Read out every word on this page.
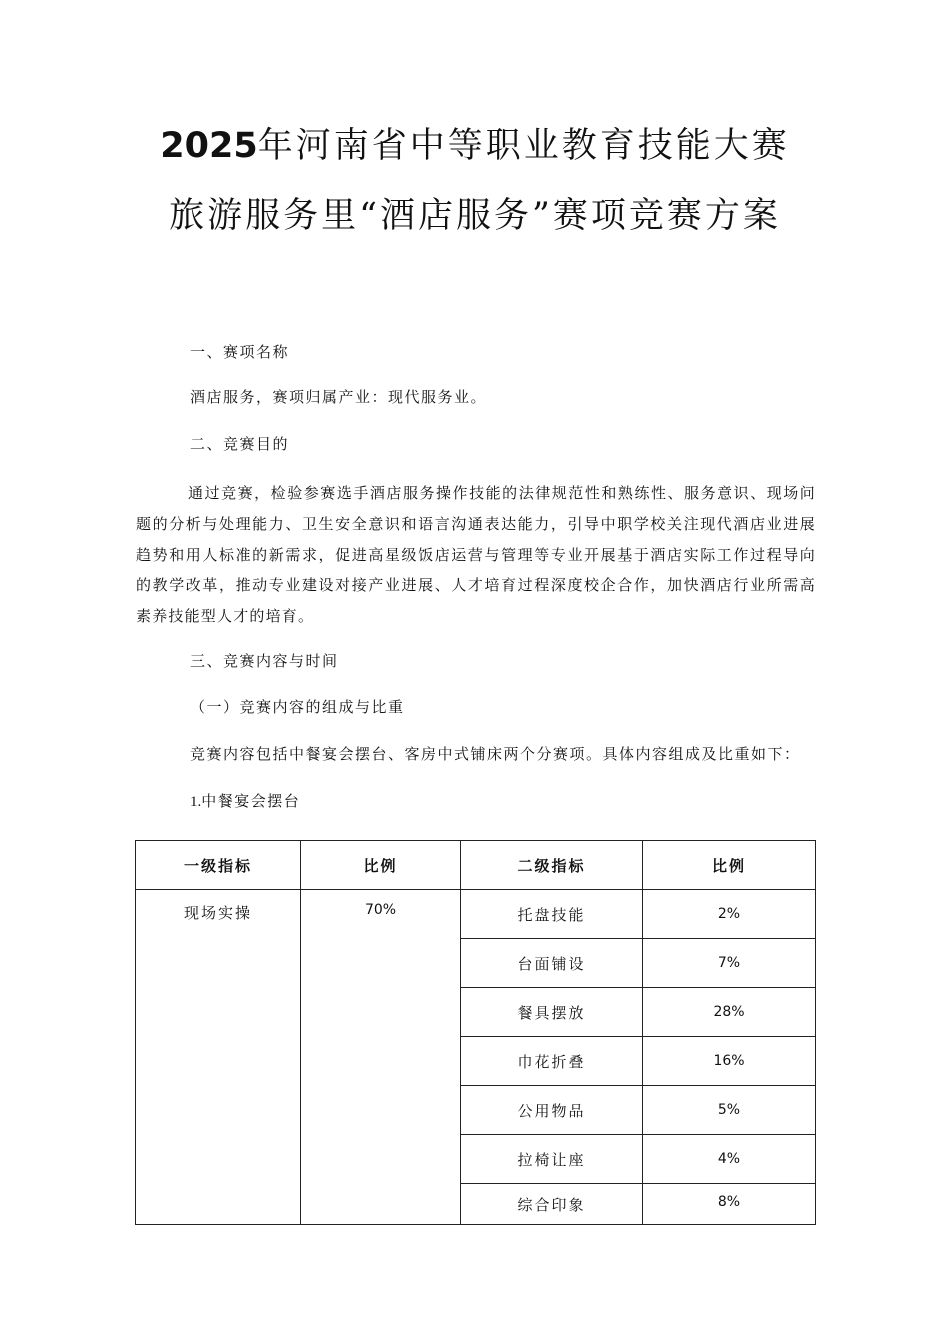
2025年河南省中等职业教育技能大赛
旅游服务里“酒店服务”赛项竞赛方案
一、赛项名称
酒店服务，赛项归属产业：现代服务业。
二、竞赛目的
通过竞赛，检验参赛选手酒店服务操作技能的法律规范性和熟练性、服务意识、现场问题的分析与处理能力、卫生安全意识和语言沟通表达能力，引导中职学校关注现代酒店业进展趋势和用人标准的新需求，促进高星级饭店运营与管理等专业开展基于酒店实际工作过程导向的教学改革，推动专业建设对接产业进展、人才培育过程深度校企合作，加快酒店行业所需高素养技能型人才的培育。
三、竞赛内容与时间
（一）竞赛内容的组成与比重
竞赛内容包括中餐宴会摆台、客房中式铺床两个分赛项。具体内容组成及比重如下：
1.中餐宴会摆台
一级指标	比例	二级指标	比例
现场实操	70%	托盘技能	2%
		台面铺设	7%
		餐具摆放	28%
		巾花折叠	16%
		公用物品	5%
		拉椅让座	4%
		综合印象	8%
